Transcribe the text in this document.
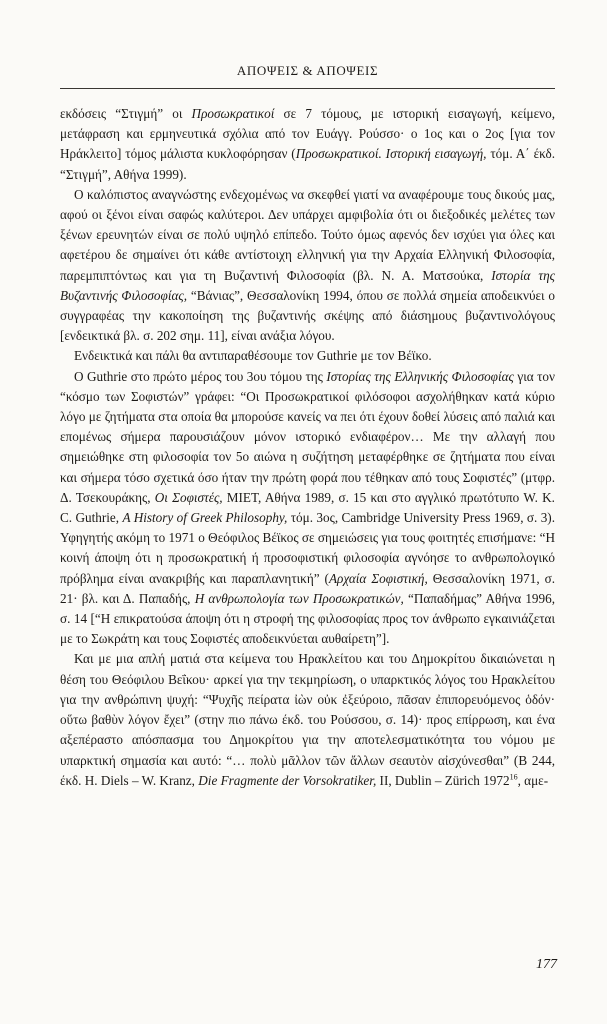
ΑΠΟΨΕΙΣ & ΑΠΟΨΕΙΣ

εκδόσεις “Στιγμή” οι Προσωκρατικοί σε 7 τόμους, με ιστορική εισαγωγή, κείμενο, μετάφραση και ερμηνευτικά σχόλια από τον Ευάγγ. Ρούσσο· ο 1ος και ο 2ος [για τον Ηράκλειτο] τόμος μάλιστα κυκλοφόρησαν (Προσωκρατικοί. Ιστορική εισαγωγή, τόμ. Α΄ έκδ. “Στιγμή”, Αθήνα 1999).

Ο καλόπιστος αναγνώστης ενδεχομένως να σκεφθεί γιατί να αναφέρουμε τους δικούς μας, αφού οι ξένοι είναι σαφώς καλύτεροι. Δεν υπάρχει αμφιβολία ότι οι διεξοδικές μελέτες των ξένων ερευνητών είναι σε πολύ υψηλό επίπεδο. Τούτο όμως αφενός δεν ισχύει για όλες και αφετέρου δε σημαίνει ότι κάθε αντίστοιχη ελληνική για την Αρχαία Ελληνική Φιλοσοφία, παρεμπιπτόντως και για τη Βυζαντινή Φιλοσοφία (βλ. Ν. Α. Ματσούκα, Ιστορία της Βυζαντινής Φιλοσοφίας, “Βάνιας”, Θεσσαλονίκη 1994, όπου σε πολλά σημεία αποδεικνύει ο συγγραφέας την κακοποίηση της βυζαντινής σκέψης από διάσημους βυζαντινολόγους [ενδεικτικά βλ. σ. 202 σημ. 11], είναι ανάξια λόγου.

Ενδεικτικά και πάλι θα αντιπαραθέσουμε τον Guthrie με τον Βέϊκο.

Ο Guthrie στο πρώτο μέρος του 3ου τόμου της Ιστορίας της Ελληνικής Φιλοσοφίας για τον “κόσμο των Σοφιστών” γράφει: “Οι Προσωκρατικοί φιλόσοφοι ασχολήθηκαν κατά κύριο λόγο με ζητήματα στα οποία θα μπορούσε κανείς να πει ότι έχουν δοθεί λύσεις από παλιά και επομένως σήμερα παρουσιάζουν μόνον ιστορικό ενδιαφέρον… Με την αλλαγή που σημειώθηκε στη φιλοσοφία τον 5ο αιώνα η συζήτηση μεταφέρθηκε σε ζητήματα που είναι και σήμερα τόσο σχετικά όσο ήταν την πρώτη φορά που τέθηκαν από τους Σοφιστές” (μτφρ. Δ. Τσεκουράκης, Οι Σοφιστές, ΜΙΕΤ, Αθήνα 1989, σ. 15 και στο αγγλικό πρωτότυπο W. K. C. Guthrie, A History of Greek Philosophy, τόμ. 3ος, Cambridge University Press 1969, σ. 3). Υφηγητής ακόμη το 1971 ο Θεόφιλος Βέϊκος σε σημειώσεις για τους φοιτητές επισήμανε: “Η κοινή άποψη ότι η προσωκρατική ή προσοφιστική φιλοσοφία αγνόησε το ανθρωπολογικό πρόβλημα είναι ανακριβής και παραπλανητική” (Αρχαία Σοφιστική, Θεσσαλονίκη 1971, σ. 21· βλ. και Δ. Παπαδής, Η ανθρωπολογία των Προσωκρατικών, “Παπαδήμας” Αθήνα 1996, σ. 14 [“Η επικρατούσα άποψη ότι η στροφή της φιλοσοφίας προς τον άνθρωπο εγκαινιάζεται με το Σωκράτη και τους Σοφιστές αποδεικνύεται αυθαίρετη”].

Και με μια απλή ματιά στα κείμενα του Ηρακλείτου και του Δημοκρίτου δικαιώνεται η θέση του Θεόφιλου Βεΐκου· αρκεί για την τεκμηρίωση, ο υπαρκτικός λόγος του Ηρακλείτου για την ανθρώπινη ψυχή: “Ψυχῆς πείρατα ἰὼν οὐκ ἐξεύροιο, πᾶσαν ἐπιπορευόμενος ὁδόν· οὕτω βαθὺν λόγον ἔχει” (στην πιο πάνω έκδ. του Ρούσσου, σ. 14)· προς επίρρωση, και ένα αξεπέραστο απόσπασμα του Δημοκρίτου για την αποτελεσματικότητα του νόμου με υπαρκτική σημασία και αυτό: “… πολὺ μᾶλλον τῶν ἄλλων σεαυτὸν αἰσχύνεσθαι” (Β 244, έκδ. H. Diels – W. Kranz, Die Fragmente der Vorsokratiker, II, Dublin – Zürich 1972$^{16}$, αμε-

177
